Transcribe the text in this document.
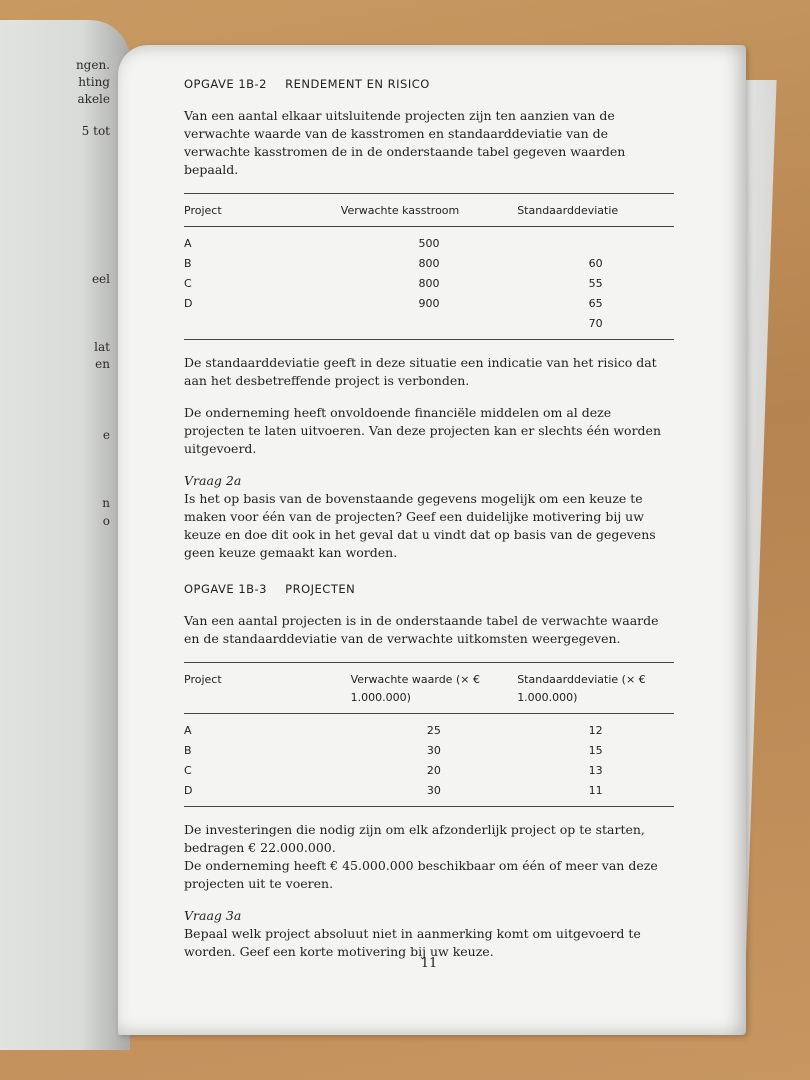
ngen.
hting
akele
5 tot
eel
lat
en
e
n
o
OPGAVE 1B-2 RENDEMENT EN RISICO

Van een aantal elkaar uitsluitende projecten zijn ten aanzien van de verwachte waarde van de kasstromen en standaarddeviatie van de verwachte kasstromen de in de onderstaande tabel gegeven waarden bepaald.

Project	Verwachte kasstroom	Standaarddeviatie
A	500	
B	800	60
C	800	55
D	900	65
		70

De standaarddeviatie geeft in deze situatie een indicatie van het risico dat aan het desbetreffende project is verbonden.

De onderneming heeft onvoldoende financiële middelen om al deze projecten te laten uitvoeren. Van deze projecten kan er slechts één worden uitgevoerd.

Vraag 2a

Is het op basis van de bovenstaande gegevens mogelijk om een keuze te maken voor één van de projecten? Geef een duidelijke motivering bij uw keuze en doe dit ook in het geval dat u vindt dat op basis van de gegevens geen keuze gemaakt kan worden.

OPGAVE 1B-3 PROJECTEN

Van een aantal projecten is in de onderstaande tabel de verwachte waarde en de standaarddeviatie van de verwachte uitkomsten weergegeven.

Project	Verwachte waarde (× € 1.000.000)	Standaarddeviatie (× € 1.000.000)
A	25	12
B	30	15
C	20	13
D	30	11

De investeringen die nodig zijn om elk afzonderlijk project op te starten, bedragen € 22.000.000.

De onderneming heeft € 45.000.000 beschikbaar om één of meer van deze projecten uit te voeren.

Vraag 3a

Bepaal welk project absoluut niet in aanmerking komt om uitgevoerd te worden. Geef een korte motivering bij uw keuze.

11
